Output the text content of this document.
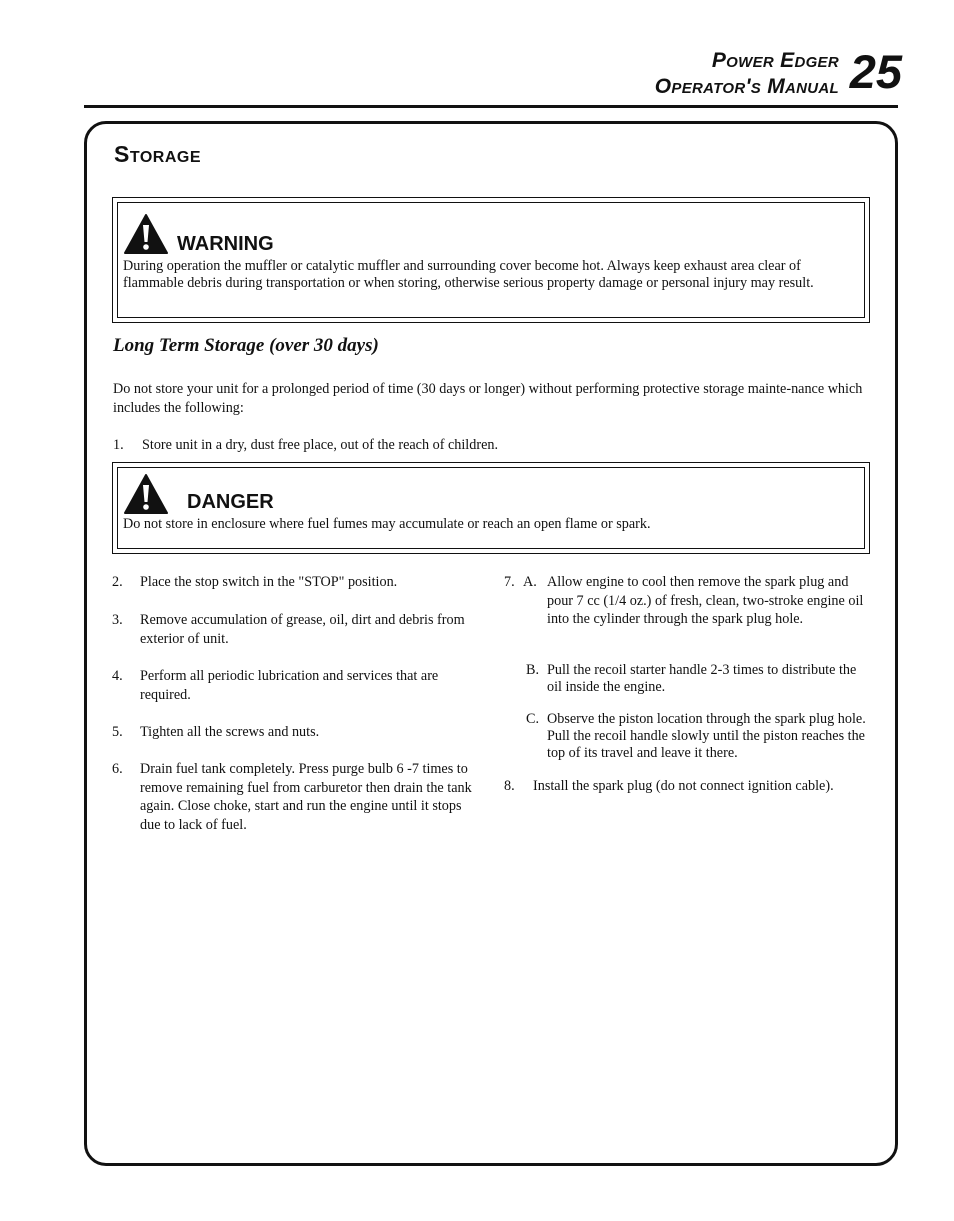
Power Edger
Operator's Manual 25
Storage
WARNING
During operation the muffler or catalytic muffler and surrounding cover become hot. Always keep exhaust area clear of flammable debris during transportation or when storing, otherwise serious property damage or personal injury may result.
Long Term Storage (over 30 days)
Do not store your unit for a prolonged period of time (30 days or longer) without performing protective storage mainte-nance which includes the following:
1. Store unit in a dry, dust free place, out of the reach of children.
DANGER
Do not store in enclosure where fuel fumes may accumulate or reach an open flame or spark.
2. Place the stop switch in the "STOP" position.
3. Remove accumulation of grease, oil, dirt and debris from exterior of unit.
4. Perform all periodic lubrication and services that are required.
5. Tighten all the screws and nuts.
6. Drain fuel tank completely. Press purge bulb 6 -7 times to remove remaining fuel from carburetor then drain the tank again. Close choke, start and run the engine until it stops due to lack of fuel.
7. A. Allow engine to cool then remove the spark plug and pour 7 cc (1/4 oz.) of fresh, clean, two-stroke engine oil into the cylinder through the spark plug hole.
B. Pull the recoil starter handle 2-3 times to distribute the oil inside the engine.
C. Observe the piston location through the spark plug hole. Pull the recoil handle slowly until the piston reaches the top of its travel and leave it there.
8. Install the spark plug (do not connect ignition cable).
